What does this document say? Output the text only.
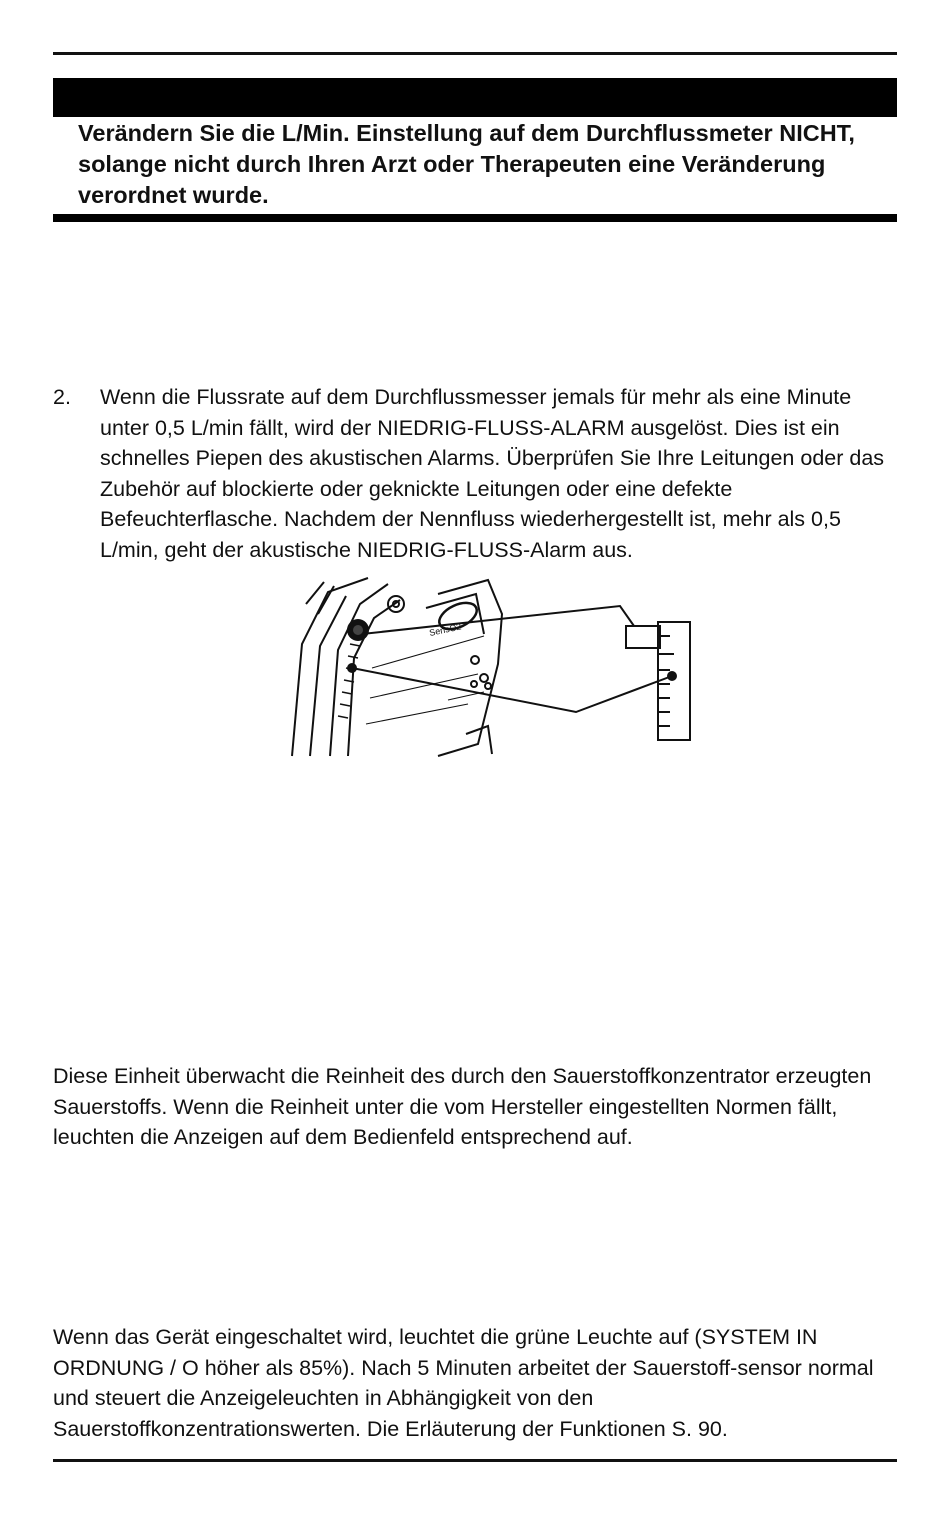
Verändern Sie die L/Min. Einstellung auf dem Durchflussmeter NICHT, solange nicht durch Ihren Arzt oder Therapeuten eine Veränderung verordnet wurde.
2. Wenn die Flussrate auf dem Durchflussmesser jemals für mehr als eine Minute unter 0,5 L/min fällt, wird der NIEDRIG-FLUSS-ALARM ausgelöst. Dies ist ein schnelles Piepen des akustischen Alarms. Überprüfen Sie Ihre Leitungen oder das Zubehör auf blockierte oder geknickte Leitungen oder eine defekte Befeuchterflasche. Nachdem der Nennfluss wiederhergestellt ist, mehr als 0,5 L/min, geht der akustische NIEDRIG-FLUSS-Alarm aus.
SensO2
Diese Einheit überwacht die Reinheit des durch den Sauerstoffkonzentrator erzeugten Sauerstoffs. Wenn die Reinheit unter die vom Hersteller eingestellten Normen fällt, leuchten die Anzeigen auf dem Bedienfeld entsprechend auf.
Wenn das Gerät eingeschaltet wird, leuchtet die grüne Leuchte auf (SYSTEM IN ORDNUNG / O höher als 85%). Nach 5 Minuten arbeitet der Sauerstoff-sensor normal und steuert die Anzeigeleuchten in Abhängigkeit von den Sauerstoffkonzentrationswerten. Die Erläuterung der Funktionen S. 90.
